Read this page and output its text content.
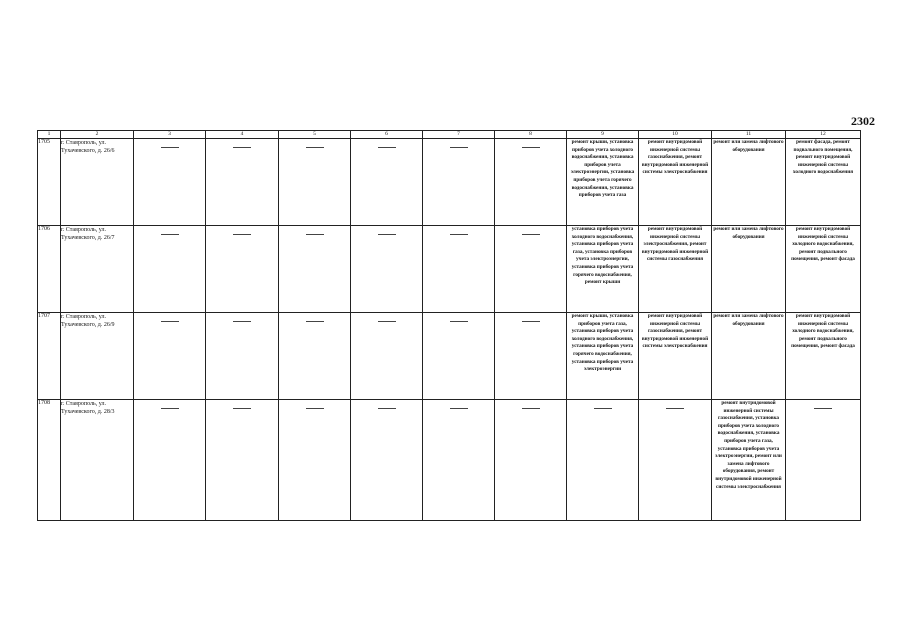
2302
1	2	3	4	5	6	7	8	9	10	11	12
1705	г. Ставрополь, ул. Тухачевского, д. 26/6							ремонт крыши, установка приборов учета холодного водоснабжения, установка приборов учета электроэнергии, установка приборов учета горячего водоснабжения, установка приборов учета газа	ремонт внутридомовой инженерной системы газоснабжения, ремонт внутридомовой инженерной системы электроснабжения	ремонт или замена лифтового оборудования	ремонт фасада, ремонт подвального помещения, ремонт внутридомовой инженерной системы холодного водоснабжения
1706	г. Ставрополь, ул. Тухачевского, д. 26/7							установка приборов учета холодного водоснабжения, установка приборов учета газа, установка приборов учета электроэнергии, установка приборов учета горячего водоснабжения, ремонт крыши	ремонт внутридомовой инженерной системы электроснабжения, ремонт внутридомовой инженерной системы газоснабжения	ремонт или замена лифтового оборудования	ремонт внутридомовой инженерной системы холодного водоснабжения, ремонт подвального помещения, ремонт фасада
1707	г. Ставрополь, ул. Тухачевского, д. 26/9							ремонт крыши, установка приборов учета газа, установка приборов учета холодного водоснабжения, установка приборов учета горячего водоснабжения, установка приборов учета электроэнергии	ремонт внутридомовой инженерной системы газоснабжения, ремонт внутридомовой инженерной системы электроснабжения	ремонт или замена лифтового оборудования	ремонт внутридомовой инженерной системы холодного водоснабжения, ремонт подвального помещения, ремонт фасада
1708	г. Ставрополь, ул. Тухачевского, д. 28/3									ремонт внутридомовой инженерной системы газоснабжения, установка приборов учета холодного водоснабжения, установка приборов учета газа, установка приборов учета электроэнергии, ремонт или замена лифтового оборудования, ремонт внутридомовой инженерной системы электроснабжения	
